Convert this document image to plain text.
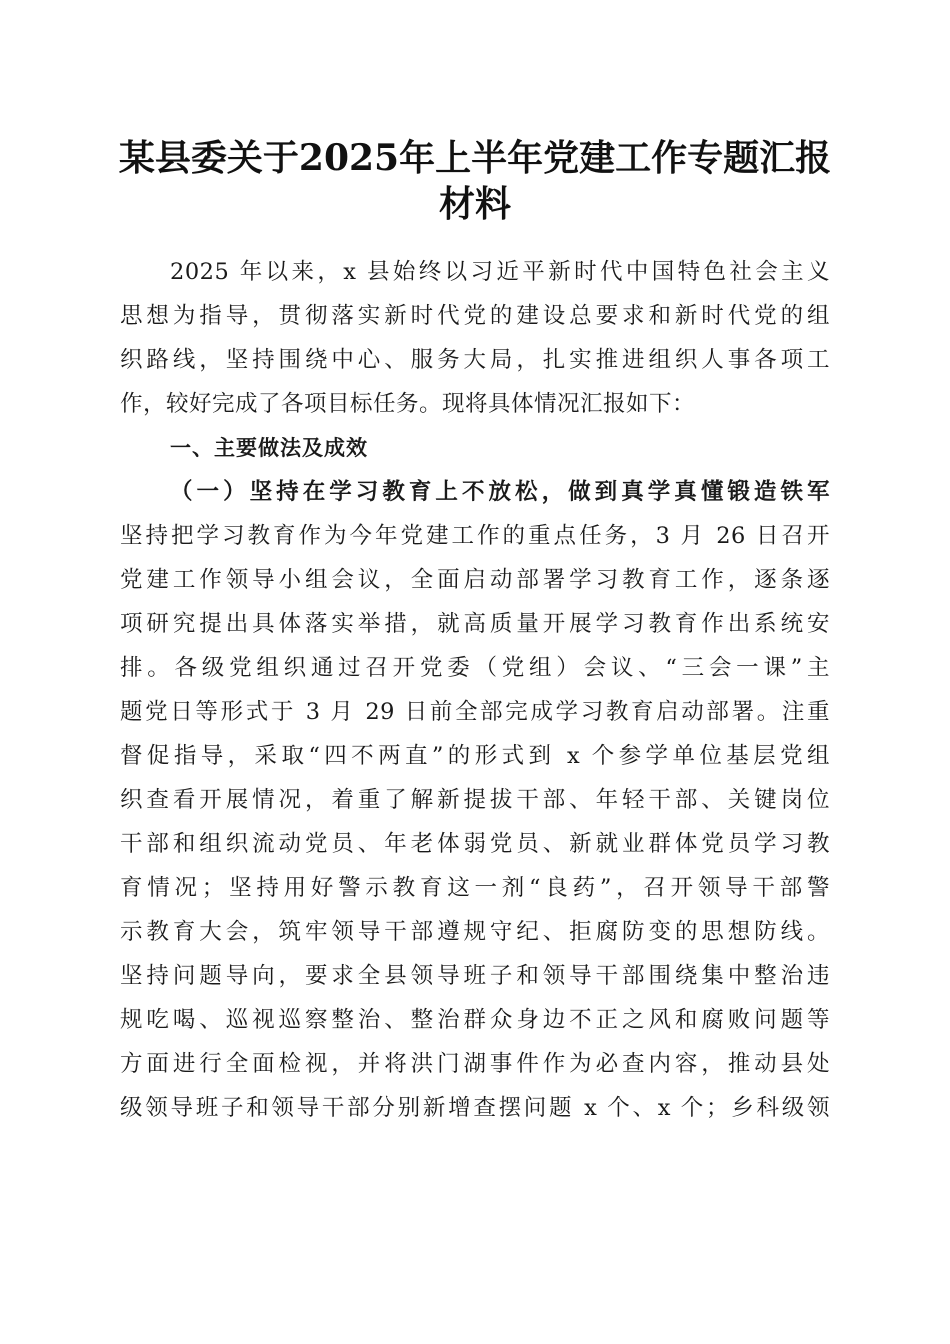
某县委关于2025年上半年党建工作专题汇报
材料
2025 年以来，x 县始终以习近平新时代中国特色社会主义
思想为指导，贯彻落实新时代党的建设总要求和新时代党的组
织路线，坚持围绕中心、服务大局，扎实推进组织人事各项工
作，较好完成了各项目标任务。现将具体情况汇报如下：
一、主要做法及成效
（一）坚持在学习教育上不放松，做到真学真懂锻造铁军
坚持把学习教育作为今年党建工作的重点任务，3 月 26 日召开
党建工作领导小组会议，全面启动部署学习教育工作，逐条逐
项研究提出具体落实举措，就高质量开展学习教育作出系统安
排。各级党组织通过召开党委（党组）会议、“三会一课”主
题党日等形式于 3 月 29 日前全部完成学习教育启动部署。注重
督促指导，采取“四不两直”的形式到 x 个参学单位基层党组
织查看开展情况，着重了解新提拔干部、年轻干部、关键岗位
干部和组织流动党员、年老体弱党员、新就业群体党员学习教
育情况；坚持用好警示教育这一剂“良药”，召开领导干部警
示教育大会，筑牢领导干部遵规守纪、拒腐防变的思想防线。
坚持问题导向，要求全县领导班子和领导干部围绕集中整治违
规吃喝、巡视巡察整治、整治群众身边不正之风和腐败问题等
方面进行全面检视，并将洪门湖事件作为必查内容，推动县处
级领导班子和领导干部分别新增查摆问题 x 个、x 个；乡科级领
